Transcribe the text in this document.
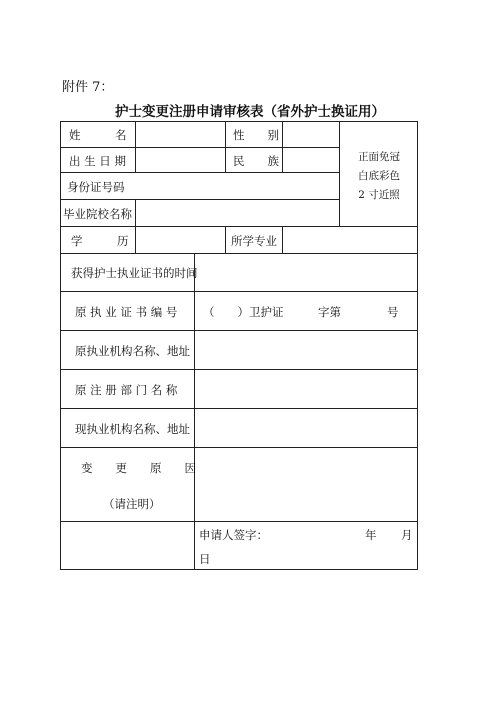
附件 7：
护士变更注册申请审核表（省外护士换证用）
正面免冠
白底彩色
2 寸近照
姓　　　名	性　　别
出 生 日 期	民　　族
身份证号码
毕业院校名称
学　　　历	所学专业
获得护士执业证书的时间
原 执 业 证 书 编 号 （　　）卫护证　　　字第　　　　号
原执业机构名称、地址
原 注 册 部 门 名 称
现执业机构名称、地址
变　　更　　原　　因
（请注明）
申请人签字：	年 月
日
